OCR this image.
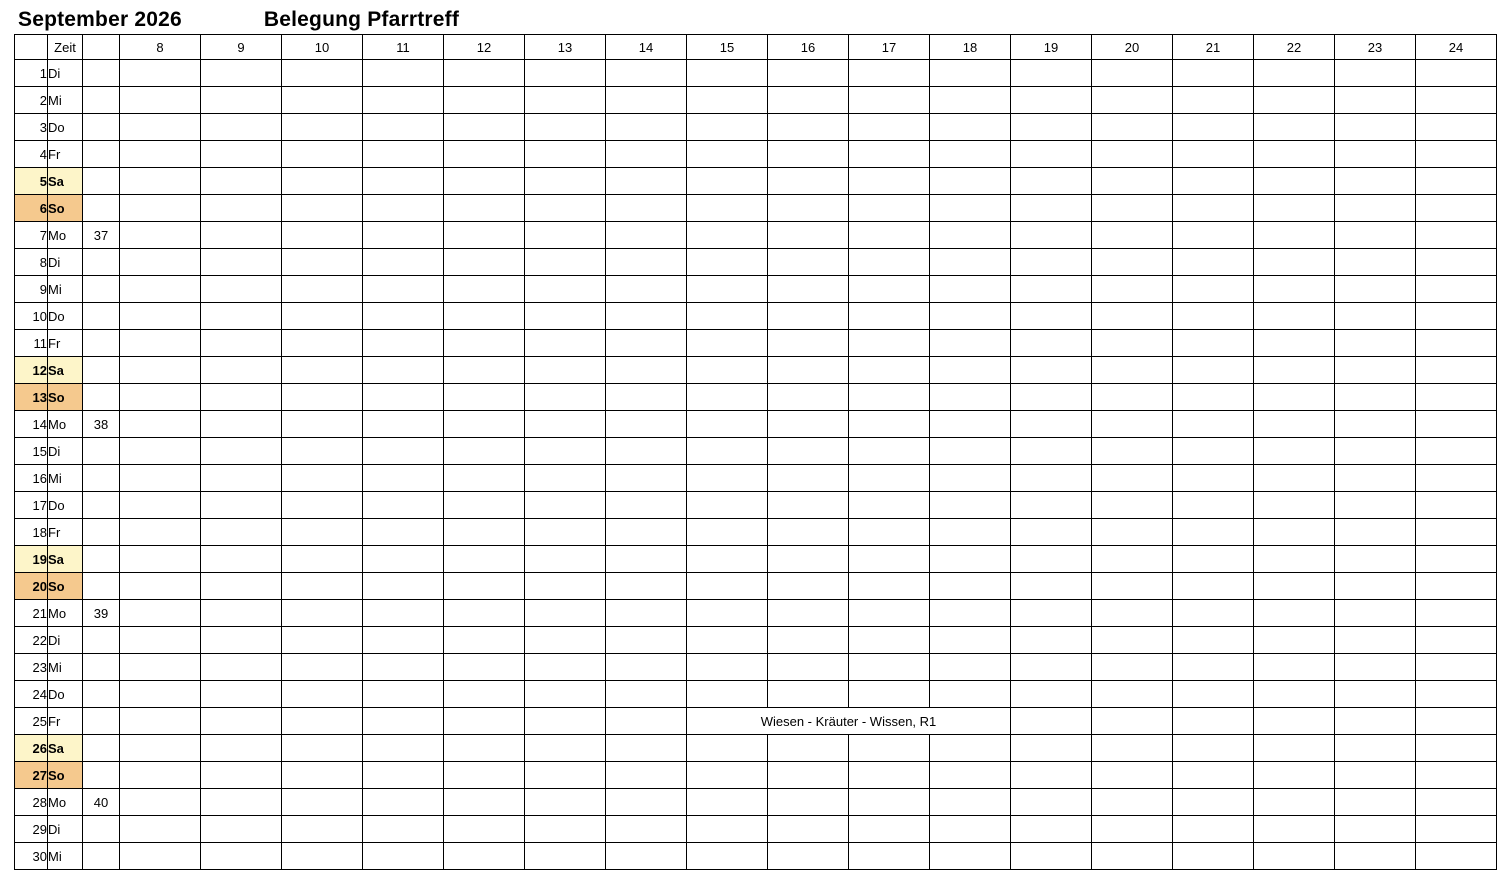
September 2026	Belegung Pfarrtreff
	Zeit		8	9	10	11	12	13	14	15	16	17	18	19	20	21	22	23	24
1	Di																		
2	Mi																		
3	Do																		
4	Fr																		
5	Sa																		
6	So																		
7	Mo	37																	
8	Di																		
9	Mi																		
10	Do																		
11	Fr																		
12	Sa																		
13	So																		
14	Mo	38																	
15	Di																		
16	Mi																		
17	Do																		
18	Fr																		
19	Sa																		
20	So																		
21	Mo	39																	
22	Di																		
23	Mi																		
24	Do																		
25	Fr									Wiesen - Kräuter - Wissen, R1									
26	Sa																		
27	So																		
28	Mo	40																	
29	Di																		
30	Mi																		
